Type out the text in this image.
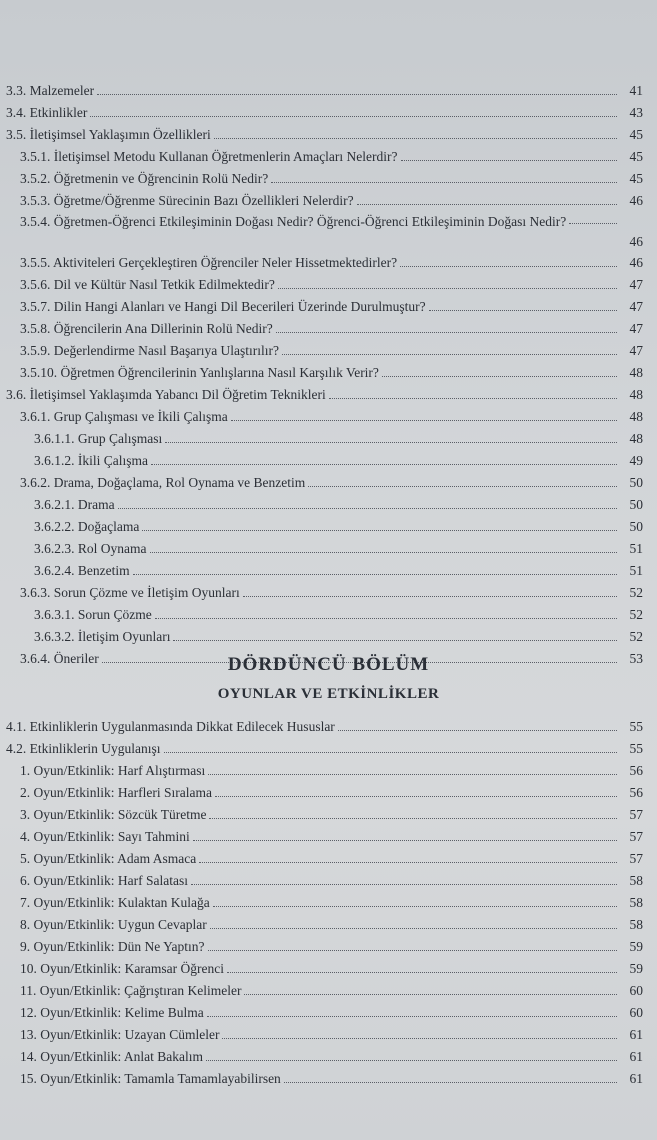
3.3. Malzemeler	41
3.4. Etkinlikler	43
3.5. İletişimsel Yaklaşımın Özellikleri	45
3.5.1. İletişimsel Metodu Kullanan Öğretmenlerin Amaçları Nelerdir?	45
3.5.2. Öğretmenin ve Öğrencinin Rolü Nedir?	45
3.5.3. Öğretme/Öğrenme Sürecinin Bazı Özellikleri Nelerdir?	46
3.5.4. Öğretmen-Öğrenci Etkileşiminin Doğası Nedir? Öğrenci-Öğrenci Etkileşiminin Doğası Nedir?
46
3.5.5. Aktiviteleri Gerçekleştiren Öğrenciler Neler Hissetmektedirler?	46
3.5.6. Dil ve Kültür Nasıl Tetkik Edilmektedir?	47
3.5.7. Dilin Hangi Alanları ve Hangi Dil Becerileri Üzerinde Durulmuştur?	47
3.5.8. Öğrencilerin Ana Dillerinin Rolü Nedir?	47
3.5.9. Değerlendirme Nasıl Başarıya Ulaştırılır?	47
3.5.10. Öğretmen Öğrencilerinin Yanlışlarına Nasıl Karşılık Verir?	48
3.6. İletişimsel Yaklaşımda Yabancı Dil Öğretim Teknikleri	48
3.6.1. Grup Çalışması ve İkili Çalışma	48
3.6.1.1. Grup Çalışması	48
3.6.1.2. İkili Çalışma	49
3.6.2. Drama, Doğaçlama, Rol Oynama ve Benzetim	50
3.6.2.1. Drama	50
3.6.2.2. Doğaçlama	50
3.6.2.3. Rol Oynama	51
3.6.2.4. Benzetim	51
3.6.3. Sorun Çözme ve İletişim Oyunları	52
3.6.3.1. Sorun Çözme	52
3.6.3.2. İletişim Oyunları	52
3.6.4. Öneriler	53
DÖRDÜNCÜ BÖLÜM
OYUNLAR VE ETKİNLİKLER
4.1. Etkinliklerin Uygulanmasında Dikkat Edilecek Hususlar	55
4.2. Etkinliklerin Uygulanışı	55
1. Oyun/Etkinlik: Harf Alıştırması	56
2. Oyun/Etkinlik: Harfleri Sıralama	56
3. Oyun/Etkinlik: Sözcük Türetme	57
4. Oyun/Etkinlik: Sayı Tahmini	57
5. Oyun/Etkinlik: Adam Asmaca	57
6. Oyun/Etkinlik: Harf Salatası	58
7. Oyun/Etkinlik: Kulaktan Kulağa	58
8. Oyun/Etkinlik: Uygun Cevaplar	58
9. Oyun/Etkinlik: Dün Ne Yaptın?	59
10. Oyun/Etkinlik: Karamsar Öğrenci	59
11. Oyun/Etkinlik: Çağrıştıran Kelimeler	60
12. Oyun/Etkinlik: Kelime Bulma	60
13. Oyun/Etkinlik: Uzayan Cümleler	61
14. Oyun/Etkinlik: Anlat Bakalım	61
15. Oyun/Etkinlik: Tamamla Tamamlayabilirsen	61
